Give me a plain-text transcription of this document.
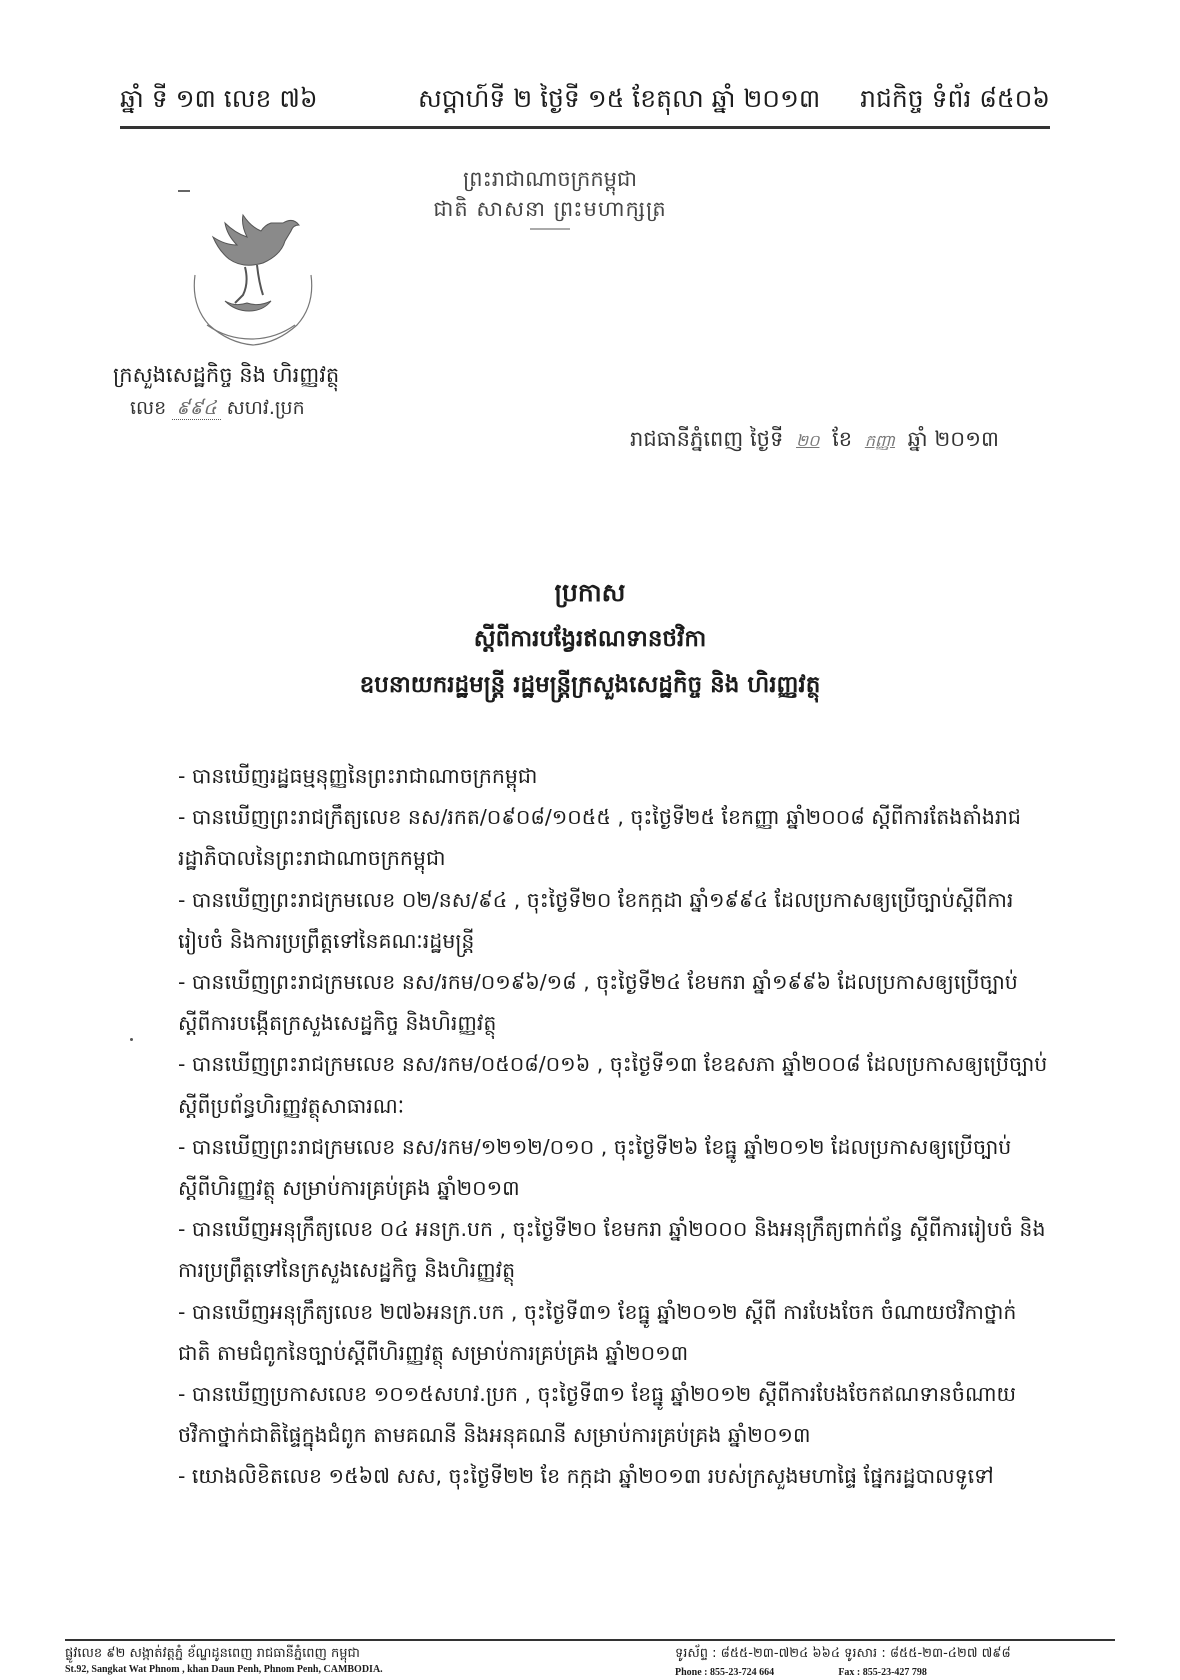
ឆ្នាំ ទី ១៣ លេខ ៧៦	សប្តាហ៍ទី ២ ថ្ងៃទី ១៥ ខែតុលា ឆ្នាំ ២០១៣ រាជកិច្ច ទំព័រ ៨៥០៦
ព្រះរាជាណាចក្រកម្ពុជា
ជាតិ សាសនា ព្រះមហាក្សត្រ
ក្រសួងសេដ្ឋកិច្ច និង ហិរញ្ញវត្ថុ
លេខ ៩៩៤ សហវ.ប្រក
រាជធានីភ្នំពេញ ថ្ងៃទី ២០ ខែ កញ្ញា ឆ្នាំ ២០១៣
ប្រកាស
ស្តីពីការបង្វែរឥណទានថវិកា
ឧបនាយករដ្ឋមន្ត្រី រដ្ឋមន្ត្រីក្រសួងសេដ្ឋកិច្ច និង ហិរញ្ញវត្ថុ

- បានឃើញរដ្ឋធម្មនុញ្ញនៃព្រះរាជាណាចក្រកម្ពុជា

- បានឃើញព្រះរាជក្រឹត្យលេខ នស/រកត/០៩០៨/១០៥៥ , ចុះថ្ងៃទី២៥ ខែកញ្ញា ឆ្នាំ២០០៨ ស្តីពីការតែងតាំងរាជរដ្ឋាភិបាលនៃព្រះរាជាណាចក្រកម្ពុជា

- បានឃើញព្រះរាជក្រមលេខ ០២/នស/៩៤ , ចុះថ្ងៃទី២០ ខែកក្កដា ឆ្នាំ១៩៩៤ ដែលប្រកាសឲ្យប្រើច្បាប់ស្តីពីការរៀបចំ និងការប្រព្រឹត្តទៅនៃគណៈរដ្ឋមន្ត្រី

- បានឃើញព្រះរាជក្រមលេខ នស/រកម/០១៩៦/១៨ , ចុះថ្ងៃទី២៤ ខែមករា ឆ្នាំ១៩៩៦ ដែលប្រកាសឲ្យប្រើច្បាប់ស្តីពីការបង្កើតក្រសួងសេដ្ឋកិច្ច និងហិរញ្ញវត្ថុ

- បានឃើញព្រះរាជក្រមលេខ នស/រកម/០៥០៨/០១៦ , ចុះថ្ងៃទី១៣ ខែឧសភា ឆ្នាំ២០០៨ ដែលប្រកាសឲ្យប្រើច្បាប់ស្តីពីប្រព័ន្ធហិរញ្ញវត្ថុសាធារណៈ

- បានឃើញព្រះរាជក្រមលេខ នស/រកម/១២១២/០១០ , ចុះថ្ងៃទី២៦ ខែធ្នូ ឆ្នាំ២០១២ ដែលប្រកាសឲ្យប្រើច្បាប់ស្តីពីហិរញ្ញវត្ថុ សម្រាប់ការគ្រប់គ្រង ឆ្នាំ២០១៣

- បានឃើញអនុក្រឹត្យលេខ ០៤ អនក្រ.បក , ចុះថ្ងៃទី២០ ខែមករា ឆ្នាំ២០០០ និងអនុក្រឹត្យពាក់ព័ន្ធ ស្តីពីការរៀបចំ និងការប្រព្រឹត្តទៅនៃក្រសួងសេដ្ឋកិច្ច និងហិរញ្ញវត្ថុ

- បានឃើញអនុក្រឹត្យលេខ ២៧៦អនក្រ.បក , ចុះថ្ងៃទី៣១ ខែធ្នូ ឆ្នាំ២០១២ ស្តីពី ការបែងចែក ចំណាយថវិកាថ្នាក់ជាតិ តាមជំពូកនៃច្បាប់ស្តីពីហិរញ្ញវត្ថុ សម្រាប់ការគ្រប់គ្រង ឆ្នាំ២០១៣

- បានឃើញប្រកាសលេខ ១០១៥សហវ.ប្រក , ចុះថ្ងៃទី៣១ ខែធ្នូ ឆ្នាំ២០១២ ស្តីពីការបែងចែកឥណទានចំណាយថវិកាថ្នាក់ជាតិផ្ទៃក្នុងជំពូក តាមគណនី និងអនុគណនី សម្រាប់ការគ្រប់គ្រង ឆ្នាំ២០១៣

- យោងលិខិតលេខ ១៥៦៧ សស, ចុះថ្ងៃទី២២ ខែ កក្កដា ឆ្នាំ២០១៣ របស់ក្រសួងមហាផ្ទៃ ផ្នែករដ្ឋបាលទូទៅ

ផ្លូវលេខ ៩២ សង្កាត់វត្តភ្នំ ខ័ណ្ឌដូនពេញ រាជធានីភ្នំពេញ កម្ពុជា
St.92, Sangkat Wat Phnom , khan Daun Penh, Phnom Penh, CAMBODIA.
ទូរស័ព្ទ : ៨៥៥-២៣-៧២៤ ៦៦៤ ទូរសារ : ៨៥៥-២៣-៤២៧ ៧៩៨
Phone : 855-23-724 664	Fax : 855-23-427 798
